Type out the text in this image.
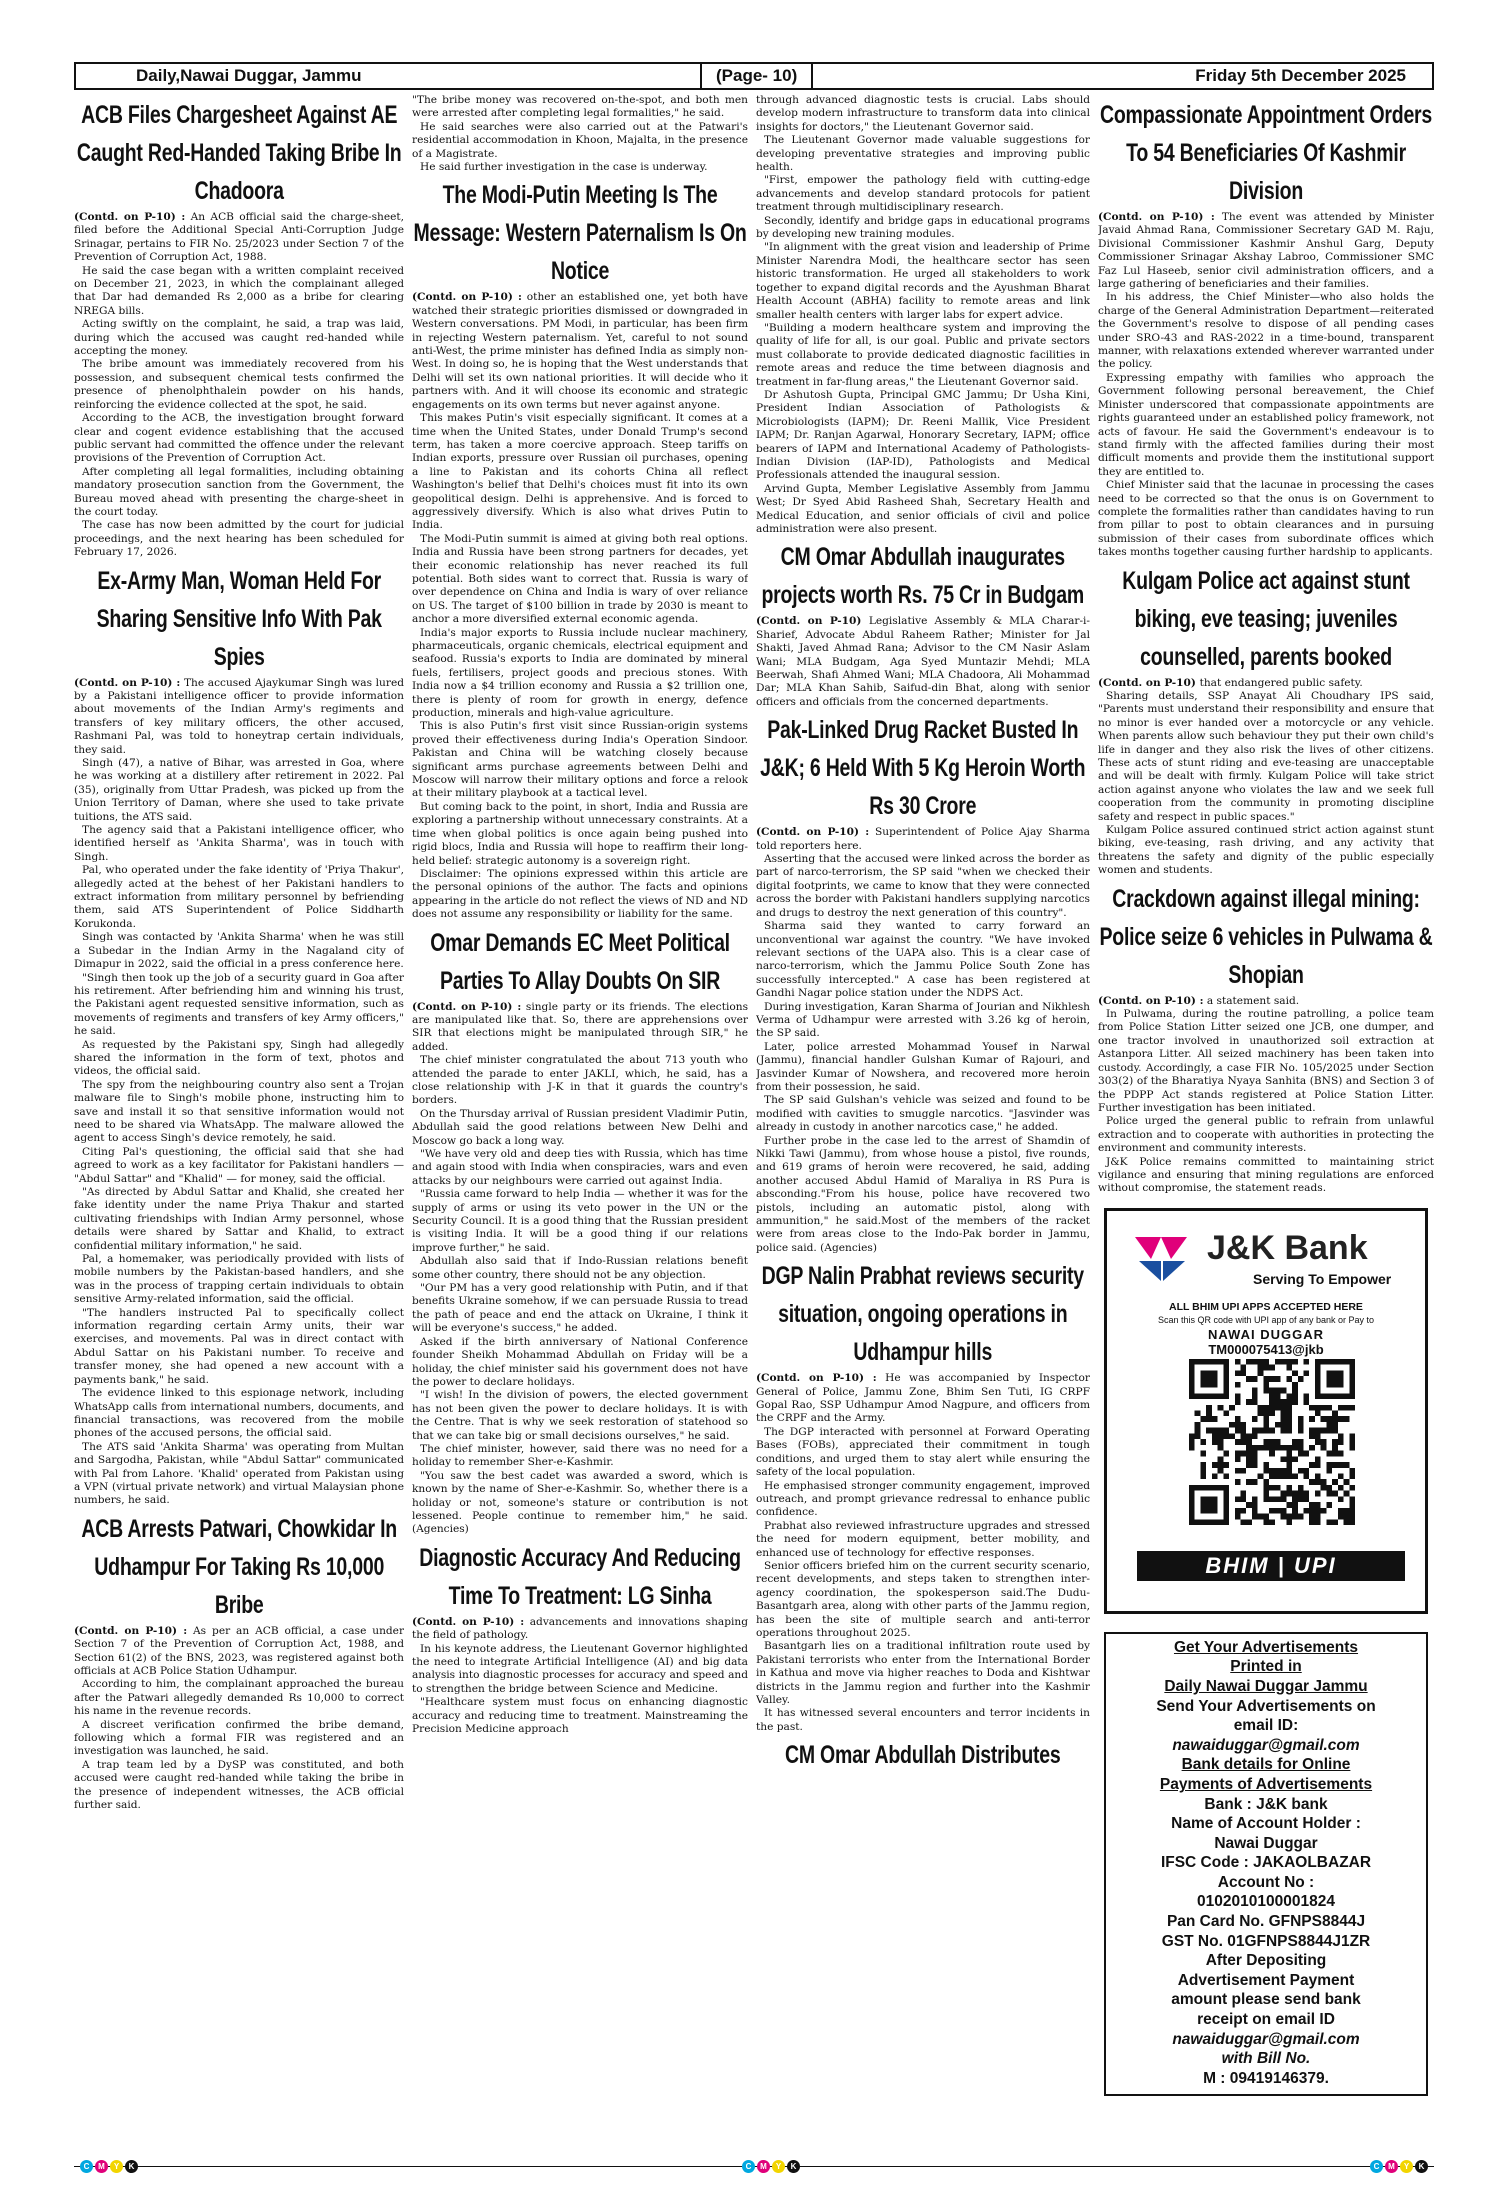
Daily,Nawai Duggar, Jammu	(Page- 10)	Friday 5th December 2025
ACB Files Chargesheet Against AE Caught Red-Handed Taking Bribe In Chadoora

(Contd. on P-10) : An ACB official said the charge-sheet, filed before the Additional Special Anti-Corruption Judge Srinagar, pertains to FIR No. 25/2023 under Section 7 of the Prevention of Corruption Act, 1988.

He said the case began with a written complaint received on December 21, 2023, in which the complainant alleged that Dar had demanded Rs 2,000 as a bribe for clearing NREGA bills.

Acting swiftly on the complaint, he said, a trap was laid, during which the accused was caught red-handed while accepting the money.

The bribe amount was immediately recovered from his possession, and subsequent chemical tests confirmed the presence of phenolphthalein powder on his hands, reinforcing the evidence collected at the spot, he said.

According to the ACB, the investigation brought forward clear and cogent evidence establishing that the accused public servant had committed the offence under the relevant provisions of the Prevention of Corruption Act.

After completing all legal formalities, including obtaining mandatory prosecution sanction from the Government, the Bureau moved ahead with presenting the charge-sheet in the court today.

The case has now been admitted by the court for judicial proceedings, and the next hearing has been scheduled for February 17, 2026.

Ex-Army Man, Woman Held For Sharing Sensitive Info With Pak Spies

(Contd. on P-10) : The accused Ajaykumar Singh was lured by a Pakistani intelligence officer to provide information about movements of the Indian Army's regiments and transfers of key military officers, the other accused, Rashmani Pal, was told to honeytrap certain individuals, they said.

Singh (47), a native of Bihar, was arrested in Goa, where he was working at a distillery after retirement in 2022. Pal (35), originally from Uttar Pradesh, was picked up from the Union Territory of Daman, where she used to take private tuitions, the ATS said.

The agency said that a Pakistani intelligence officer, who identified herself as 'Ankita Sharma', was in touch with Singh.

Pal, who operated under the fake identity of 'Priya Thakur', allegedly acted at the behest of her Pakistani handlers to extract information from military personnel by befriending them, said ATS Superintendent of Police Siddharth Korukonda.

Singh was contacted by 'Ankita Sharma' when he was still a Subedar in the Indian Army in the Nagaland city of Dimapur in 2022, said the official in a press conference here.

"Singh then took up the job of a security guard in Goa after his retirement. After befriending him and winning his trust, the Pakistani agent requested sensitive information, such as movements of regiments and transfers of key Army officers," he said.

As requested by the Pakistani spy, Singh had allegedly shared the information in the form of text, photos and videos, the official said.

The spy from the neighbouring country also sent a Trojan malware file to Singh's mobile phone, instructing him to save and install it so that sensitive information would not need to be shared via WhatsApp. The malware allowed the agent to access Singh's device remotely, he said.

Citing Pal's questioning, the official said that she had agreed to work as a key facilitator for Pakistani handlers — "Abdul Sattar" and "Khalid" — for money, said the official.

"As directed by Abdul Sattar and Khalid, she created her fake identity under the name Priya Thakur and started cultivating friendships with Indian Army personnel, whose details were shared by Sattar and Khalid, to extract confidential military information," he said.

Pal, a homemaker, was periodically provided with lists of mobile numbers by the Pakistan-based handlers, and she was in the process of trapping certain individuals to obtain sensitive Army-related information, said the official.

"The handlers instructed Pal to specifically collect information regarding certain Army units, their war exercises, and movements. Pal was in direct contact with Abdul Sattar on his Pakistani number. To receive and transfer money, she had opened a new account with a payments bank," he said.

The evidence linked to this espionage network, including WhatsApp calls from international numbers, documents, and financial transactions, was recovered from the mobile phones of the accused persons, the official said.

The ATS said 'Ankita Sharma' was operating from Multan and Sargodha, Pakistan, while "Abdul Sattar" communicated with Pal from Lahore. 'Khalid' operated from Pakistan using a VPN (virtual private network) and virtual Malaysian phone numbers, he said.

ACB Arrests Patwari, Chowkidar In Udhampur For Taking Rs 10,000 Bribe

(Contd. on P-10) : As per an ACB official, a case under Section 7 of the Prevention of Corruption Act, 1988, and Section 61(2) of the BNS, 2023, was registered against both officials at ACB Police Station Udhampur.

According to him, the complainant approached the bureau after the Patwari allegedly demanded Rs 10,000 to correct his name in the revenue records.

A discreet verification confirmed the bribe demand, following which a formal FIR was registered and an investigation was launched, he said.

A trap team led by a DySP was constituted, and both accused were caught red-handed while taking the bribe in the presence of independent witnesses, the ACB official further said.

"The bribe money was recovered on-the-spot, and both men were arrested after completing legal formalities," he said.

He said searches were also carried out at the Patwari's residential accommodation in Khoon, Majalta, in the presence of a Magistrate.

He said further investigation in the case is underway.

The Modi-Putin Meeting Is The Message: Western Paternalism Is On Notice

(Contd. on P-10) : other an established one, yet both have watched their strategic priorities dismissed or downgraded in Western conversations. PM Modi, in particular, has been firm in rejecting Western paternalism. Yet, careful to not sound anti-West, the prime minister has defined India as simply non-West. In doing so, he is hoping that the West understands that Delhi will set its own national priorities. It will decide who it partners with. And it will choose its economic and strategic engagements on its own terms but never against anyone.

This makes Putin's visit especially significant. It comes at a time when the United States, under Donald Trump's second term, has taken a more coercive approach. Steep tariffs on Indian exports, pressure over Russian oil purchases, opening a line to Pakistan and its cohorts China all reflect Washington's belief that Delhi's choices must fit into its own geopolitical design. Delhi is apprehensive. And is forced to aggressively diversify. Which is also what drives Putin to India.

The Modi-Putin summit is aimed at giving both real options. India and Russia have been strong partners for decades, yet their economic relationship has never reached its full potential. Both sides want to correct that. Russia is wary of over dependence on China and India is wary of over reliance on US. The target of $100 billion in trade by 2030 is meant to anchor a more diversified external economic agenda.

India's major exports to Russia include nuclear machinery, pharmaceuticals, organic chemicals, electrical equipment and seafood. Russia's exports to India are dominated by mineral fuels, fertilisers, project goods and precious stones. With India now a $4 trillion economy and Russia a $2 trillion one, there is plenty of room for growth in energy, defence production, minerals and high-value agriculture.

This is also Putin's first visit since Russian-origin systems proved their effectiveness during India's Operation Sindoor. Pakistan and China will be watching closely because significant arms purchase agreements between Delhi and Moscow will narrow their military options and force a relook at their military playbook at a tactical level.

But coming back to the point, in short, India and Russia are exploring a partnership without unnecessary constraints. At a time when global politics is once again being pushed into rigid blocs, India and Russia will hope to reaffirm their long-held belief: strategic autonomy is a sovereign right.

Disclaimer: The opinions expressed within this article are the personal opinions of the author. The facts and opinions appearing in the article do not reflect the views of ND and ND does not assume any responsibility or liability for the same.

Omar Demands EC Meet Political Parties To Allay Doubts On SIR

(Contd. on P-10) : single party or its friends. The elections are manipulated like that. So, there are apprehensions over SIR that elections might be manipulated through SIR," he added.

The chief minister congratulated the about 713 youth who attended the parade to enter JAKLI, which, he said, has a close relationship with J-K in that it guards the country's borders.

On the Thursday arrival of Russian president Vladimir Putin, Abdullah said the good relations between New Delhi and Moscow go back a long way.

"We have very old and deep ties with Russia, which has time and again stood with India when conspiracies, wars and even attacks by our neighbours were carried out against India.

"Russia came forward to help India — whether it was for the supply of arms or using its veto power in the UN or the Security Council. It is a good thing that the Russian president is visiting India. It will be a good thing if our relations improve further," he said.

Abdullah also said that if Indo-Russian relations benefit some other country, there should not be any objection.

"Our PM has a very good relationship with Putin, and if that benefits Ukraine somehow, if we can persuade Russia to tread the path of peace and end the attack on Ukraine, I think it will be everyone's success," he added.

Asked if the birth anniversary of National Conference founder Sheikh Mohammad Abdullah on Friday will be a holiday, the chief minister said his government does not have the power to declare holidays.

"I wish! In the division of powers, the elected government has not been given the power to declare holidays. It is with the Centre. That is why we seek restoration of statehood so that we can take big or small decisions ourselves," he said.

The chief minister, however, said there was no need for a holiday to remember Sher-e-Kashmir.

"You saw the best cadet was awarded a sword, which is known by the name of Sher-e-Kashmir. So, whether there is a holiday or not, someone's stature or contribution is not lessened. People continue to remember him," he said. (Agencies)

Diagnostic Accuracy And Reducing Time To Treatment: LG Sinha

(Contd. on P-10) : advancements and innovations shaping the field of pathology.

In his keynote address, the Lieutenant Governor highlighted the need to integrate Artificial Intelligence (AI) and big data analysis into diagnostic processes for accuracy and speed and to strengthen the bridge between Science and Medicine.

"Healthcare system must focus on enhancing diagnostic accuracy and reducing time to treatment. Mainstreaming the Precision Medicine approach

through advanced diagnostic tests is crucial. Labs should develop modern infrastructure to transform data into clinical insights for doctors," the Lieutenant Governor said.

The Lieutenant Governor made valuable suggestions for developing preventative strategies and improving public health.

"First, empower the pathology field with cutting-edge advancements and develop standard protocols for patient treatment through multidisciplinary research.

Secondly, identify and bridge gaps in educational programs by developing new training modules.

"In alignment with the great vision and leadership of Prime Minister Narendra Modi, the healthcare sector has seen historic transformation. He urged all stakeholders to work together to expand digital records and the Ayushman Bharat Health Account (ABHA) facility to remote areas and link smaller health centers with larger labs for expert advice.

"Building a modern healthcare system and improving the quality of life for all, is our goal. Public and private sectors must collaborate to provide dedicated diagnostic facilities in remote areas and reduce the time between diagnosis and treatment in far-flung areas," the Lieutenant Governor said.

Dr Ashutosh Gupta, Principal GMC Jammu; Dr Usha Kini, President Indian Association of Pathologists & Microbiologists (IAPM); Dr. Reeni Mallik, Vice President IAPM; Dr. Ranjan Agarwal, Honorary Secretary, IAPM; office bearers of IAPM and International Academy of Pathologists-Indian Division (IAP-ID), Pathologists and Medical Professionals attended the inaugural session.

Arvind Gupta, Member Legislative Assembly from Jammu West; Dr Syed Abid Rasheed Shah, Secretary Health and Medical Education, and senior officials of civil and police administration were also present.

CM Omar Abdullah inaugurates projects worth Rs. 75 Cr in Budgam

(Contd. on P-10) Legislative Assembly & MLA Charar-i-Sharief, Advocate Abdul Raheem Rather; Minister for Jal Shakti, Javed Ahmad Rana; Advisor to the CM Nasir Aslam Wani; MLA Budgam, Aga Syed Muntazir Mehdi; MLA Beerwah, Shafi Ahmed Wani; MLA Chadoora, Ali Mohammad Dar; MLA Khan Sahib, Saifud-din Bhat, along with senior officers and officials from the concerned departments.

Pak-Linked Drug Racket Busted In J&K; 6 Held With 5 Kg Heroin Worth Rs 30 Crore

(Contd. on P-10) : Superintendent of Police Ajay Sharma told reporters here.

Asserting that the accused were linked across the border as part of narco-terrorism, the SP said "when we checked their digital footprints, we came to know that they were connected across the border with Pakistani handlers supplying narcotics and drugs to destroy the next generation of this country".

Sharma said they wanted to carry forward an unconventional war against the country. "We have invoked relevant sections of the UAPA also. This is a clear case of narco-terrorism, which the Jammu Police South Zone has successfully intercepted." A case has been registered at Gandhi Nagar police station under the NDPS Act.

During investigation, Karan Sharma of Jourian and Nikhlesh Verma of Udhampur were arrested with 3.26 kg of heroin, the SP said.

Later, police arrested Mohammad Yousef in Narwal (Jammu), financial handler Gulshan Kumar of Rajouri, and Jasvinder Kumar of Nowshera, and recovered more heroin from their possession, he said.

The SP said Gulshan's vehicle was seized and found to be modified with cavities to smuggle narcotics. "Jasvinder was already in custody in another narcotics case," he added.

Further probe in the case led to the arrest of Shamdin of Nikki Tawi (Jammu), from whose house a pistol, five rounds, and 619 grams of heroin were recovered, he said, adding another accused Abdul Hamid of Maraliya in RS Pura is absconding."From his house, police have recovered two pistols, including an automatic pistol, along with ammunition," he said.Most of the members of the racket were from areas close to the Indo-Pak border in Jammu, police said. (Agencies)

DGP Nalin Prabhat reviews security situation, ongoing operations in Udhampur hills

(Contd. on P-10) : He was accompanied by Inspector General of Police, Jammu Zone, Bhim Sen Tuti, IG CRPF Gopal Rao, SSP Udhampur Amod Nagpure, and officers from the CRPF and the Army.

The DGP interacted with personnel at Forward Operating Bases (FOBs), appreciated their commitment in tough conditions, and urged them to stay alert while ensuring the safety of the local population.

He emphasised stronger community engagement, improved outreach, and prompt grievance redressal to enhance public confidence.

Prabhat also reviewed infrastructure upgrades and stressed the need for modern equipment, better mobility, and enhanced use of technology for effective responses.

Senior officers briefed him on the current security scenario, recent developments, and steps taken to strengthen inter-agency coordination, the spokesperson said.The Dudu-Basantgarh area, along with other parts of the Jammu region, has been the site of multiple search and anti-terror operations throughout 2025.

Basantgarh lies on a traditional infiltration route used by Pakistani terrorists who enter from the International Border in Kathua and move via higher reaches to Doda and Kishtwar districts in the Jammu region and further into the Kashmir Valley.

It has witnessed several encounters and terror incidents in the past.

CM Omar Abdullah Distributes
Compassionate Appointment Orders To 54 Beneficiaries Of Kashmir Division

(Contd. on P-10) : The event was attended by Minister Javaid Ahmad Rana, Commissioner Secretary GAD M. Raju, Divisional Commissioner Kashmir Anshul Garg, Deputy Commissioner Srinagar Akshay Labroo, Commissioner SMC Faz Lul Haseeb, senior civil administration officers, and a large gathering of beneficiaries and their families.

In his address, the Chief Minister—who also holds the charge of the General Administration Department—reiterated the Government's resolve to dispose of all pending cases under SRO-43 and RAS-2022 in a time-bound, transparent manner, with relaxations extended wherever warranted under the policy.

Expressing empathy with families who approach the Government following personal bereavement, the Chief Minister underscored that compassionate appointments are rights guaranteed under an established policy framework, not acts of favour. He said the Government's endeavour is to stand firmly with the affected families during their most difficult moments and provide them the institutional support they are entitled to.

Chief Minister said that the lacunae in processing the cases need to be corrected so that the onus is on Government to complete the formalities rather than candidates having to run from pillar to post to obtain clearances and in pursuing submission of their cases from subordinate offices which takes months together causing further hardship to applicants.

Kulgam Police act against stunt biking, eve teasing; juveniles counselled, parents booked

(Contd. on P-10) that endangered public safety.

Sharing details, SSP Anayat Ali Choudhary IPS said, "Parents must understand their responsibility and ensure that no minor is ever handed over a motorcycle or any vehicle. When parents allow such behaviour they put their own child's life in danger and they also risk the lives of other citizens. These acts of stunt riding and eve-teasing are unacceptable and will be dealt with firmly. Kulgam Police will take strict action against anyone who violates the law and we seek full cooperation from the community in promoting discipline safety and respect in public spaces."

Kulgam Police assured continued strict action against stunt biking, eve-teasing, rash driving, and any activity that threatens the safety and dignity of the public especially women and students.

Crackdown against illegal mining: Police seize 6 vehicles in Pulwama & Shopian

(Contd. on P-10) : a statement said.

In Pulwama, during the routine patrolling, a police team from Police Station Litter seized one JCB, one dumper, and one tractor involved in unauthorized soil extraction at Astanpora Litter. All seized machinery has been taken into custody. Accordingly, a case FIR No. 105/2025 under Section 303(2) of the Bharatiya Nyaya Sanhita (BNS) and Section 3 of the PDPP Act stands registered at Police Station Litter. Further investigation has been initiated.

Police urged the general public to refrain from unlawful extraction and to cooperate with authorities in protecting the environment and community interests.

J&K Police remains committed to maintaining strict vigilance and ensuring that mining regulations are enforced without compromise, the statement reads.

J&K Bank
Serving To Empower
ALL BHIM UPI APPS ACCEPTED HERE
Scan this QR code with UPI app of any bank or Pay to
NAWAI DUGGAR
TM000075413@jkb
BHIM | UPI
Get Your Advertisements
Printed in
Daily Nawai Duggar Jammu
Send Your Advertisements on
email ID:
nawaiduggar@gmail.com
Bank details for Online
Payments of Advertisements
Bank : J&K bank
Name of Account Holder :
Nawai Duggar
IFSC Code : JAKAOLBAZAR
Account No :
0102010100001824
Pan Card No. GFNPS8844J
GST No. 01GFNPS8844J1ZR
After Depositing
Advertisement Payment
amount please send bank
receipt on email ID
nawaiduggar@gmail.com
with Bill No.
M : 09419146379.
C	M	Y	K	C	M	Y	K	C	M	Y	K
